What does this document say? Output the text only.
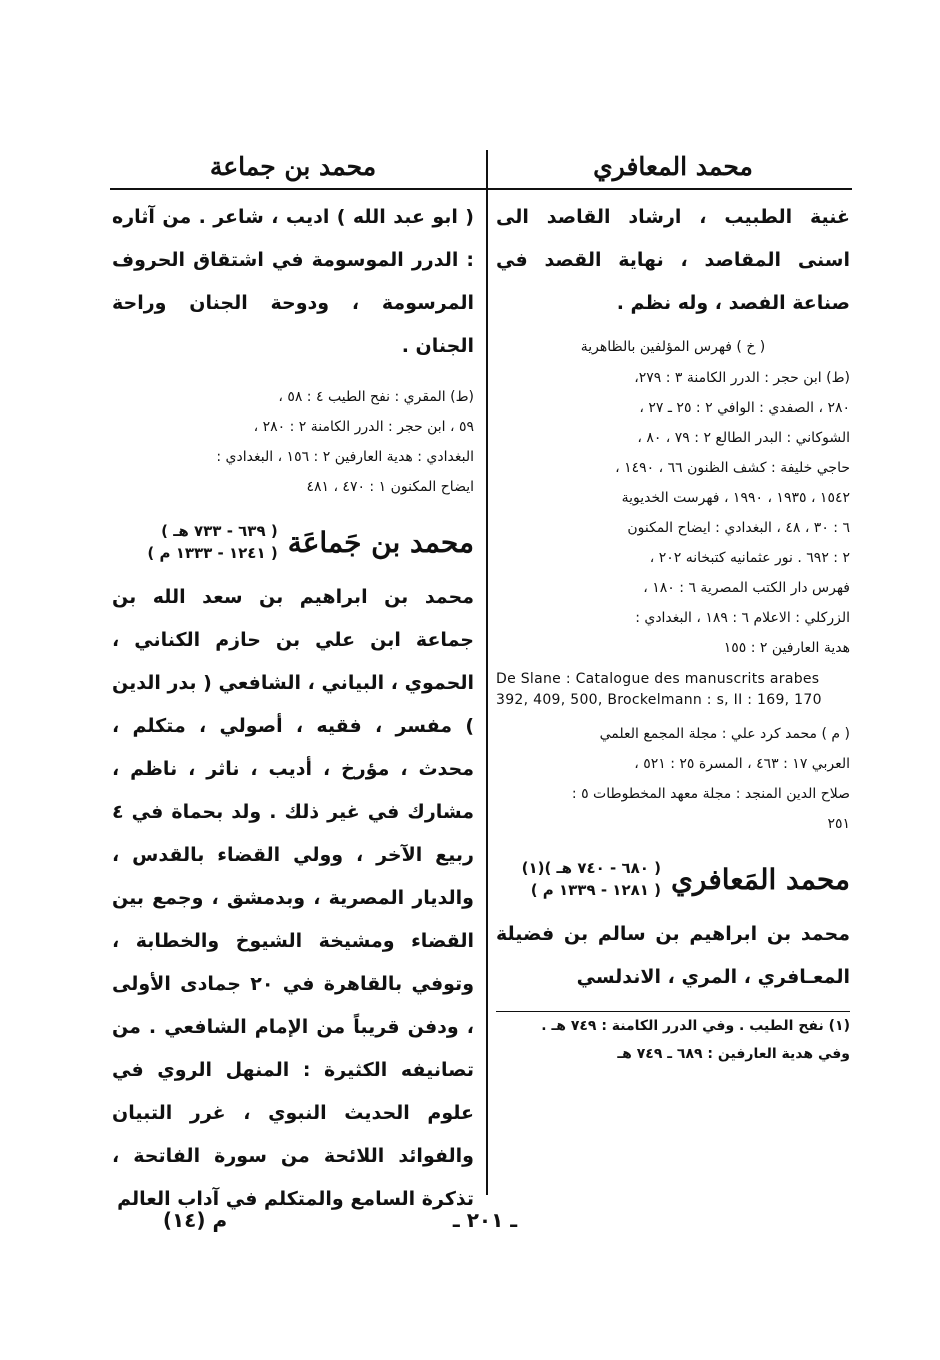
محمد المعافري
غنية الطبيب ، ارشاد القاصد الى اسنى المقاصد ، نهاية القصد في صناعة الفصد ، وله نظم .
( خ ) فهرس المؤلفين بالظاهرية
(ط) ابن حجر : الدرر الكامنة ٣ : ٢٧٩،
٢٨٠ ، الصفدي : الوافي ٢ : ٢٥ ـ ٢٧ ،
الشوكاني : البدر الطالع ٢ : ٧٩ ، ٨٠ ،
حاجي خليفة : كشف الظنون ٦٦ ، ١٤٩٠ ،
١٥٤٢ ، ١٩٣٥ ، ١٩٩٠ ، فهرست الخديوية
٦ : ٣٠ ، ٤٨ ، البغدادي : ايضاح المكنون
٢ : ٦٩٢ . نور عثمانيه كتبخانه ٢٠٢ ،
فهرس دار الكتب المصرية ٦ : ١٨٠ ،
الزركلي : الاعلام ٦ : ١٨٩ ، البغدادي :
هدية العارفين ٢ : ١٥٥
De Slane : Catalogue des manuscrits arabes 392, 409, 500, Brockelmann : s, II : 169, 170
( م ) محمد كرد علي : مجلة المجمع العلمي
العربي ١٧ : ٤٦٣ ، المسرة ٢٥ : ٥٢١ ،
صلاح الدين المنجد : مجلة معهد المخطوطات ٥ :
٢٥١
محمد المَعافري
( ٦٨٠ - ٧٤٠ هـ )(١)
( ١٢٨١ - ١٣٣٩ م )
محمد بن ابراهيم بن سالم بن فضيلة المعـافري ، المري ، الاندلسي
(١) نفح الطيب . وفي الدرر الكامنة : ٧٤٩ هـ .
وفي هدية العارفين : ٦٨٩ ـ ٧٤٩ هـ
محمد بن جماعة
( ابو عبد الله ) اديب ، شاعر . من آثاره : الدرر الموسومة في اشتقاق الحروف المرسومة ، ودوحة الجنان وراحة الجنان .
(ط) المقري : نفح الطيب ٤ : ٥٨ ،
٥٩ ، ابن حجر : الدرر الكامنة ٢ : ٢٨٠ ،
البغدادي : هدية العارفين ٢ : ١٥٦ ، البغدادي :
ايضاح المكنون ١ : ٤٧٠ ، ٤٨١
محمد بن جَماعَة
( ٦٣٩ - ٧٣٣ هـ )
( ١٢٤١ - ١٣٣٣ م )
محمد بن ابراهيم بن سعد الله بن جماعة ابن علي بن حازم الكناني ، الحموي ، البياني ، الشافعي ( بدر الدين ) مفسر ، فقيه ، أصولي ، متكلم ، محدث ، مؤرخ ، أديب ، ناثر ، ناظم ، مشارك في غير ذلك . ولد بحماة في ٤ ربيع الآخر ، وولي القضاء بالقدس ، والديار المصرية ، وبدمشق ، وجمع بين القضاء ومشيخة الشيوخ والخطابة ، وتوفي بالقاهرة في ٢٠ جمادى الأولى ، ودفن قريباً من الإمام الشافعي . من تصانيفه الكثيرة : المنهل الروي في علوم الحديث النبوي ، غرر التبيان والفوائد اللائحة من سورة الفاتحة ، تذكرة السامع والمتكلم في آداب العالم
م (١٤)	ـ ٢٠١ ـ
